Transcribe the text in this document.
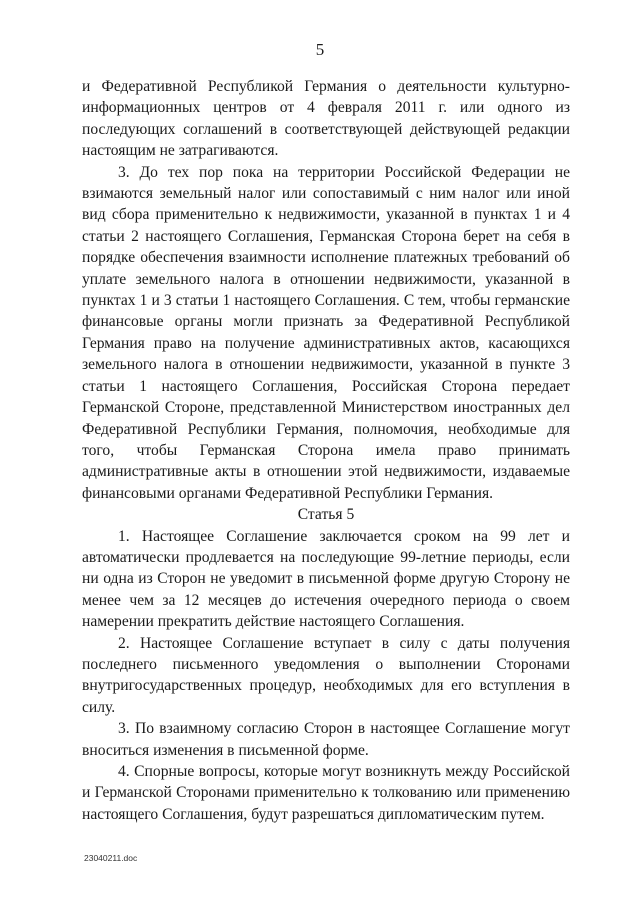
5

и Федеративной Республикой Германия о деятельности культурно-информационных центров от 4 февраля 2011 г. или одного из последующих соглашений в соответствующей действующей редакции настоящим не затрагиваются.

3. До тех пор пока на территории Российской Федерации не взимаются земельный налог или сопоставимый с ним налог или иной вид сбора применительно к недвижимости, указанной в пунктах 1 и 4 статьи 2 настоящего Соглашения, Германская Сторона берет на себя в порядке обеспечения взаимности исполнение платежных требований об уплате земельного налога в отношении недвижимости, указанной в пунктах 1 и 3 статьи 1 настоящего Соглашения. С тем, чтобы германские финансовые органы могли признать за Федеративной Республикой Германия право на получение административных актов, касающихся земельного налога в отношении недвижимости, указанной в пункте 3 статьи 1 настоящего Соглашения, Российская Сторона передает Германской Стороне, представленной Министерством иностранных дел Федеративной Республики Германия, полномочия, необходимые для того, чтобы Германская Сторона имела право принимать административные акты в отношении этой недвижимости, издаваемые финансовыми органами Федеративной Республики Германия.

Статья 5

1. Настоящее Соглашение заключается сроком на 99 лет и автоматически продлевается на последующие 99-летние периоды, если ни одна из Сторон не уведомит в письменной форме другую Сторону не менее чем за 12 месяцев до истечения очередного периода о своем намерении прекратить действие настоящего Соглашения.

2. Настоящее Соглашение вступает в силу с даты получения последнего письменного уведомления о выполнении Сторонами внутригосударственных процедур, необходимых для его вступления в силу.

3. По взаимному согласию Сторон в настоящее Соглашение могут вноситься изменения в письменной форме.

4. Спорные вопросы, которые могут возникнуть между Российской и Германской Сторонами применительно к толкованию или применению настоящего Соглашения, будут разрешаться дипломатическим путем.

23040211.doc
